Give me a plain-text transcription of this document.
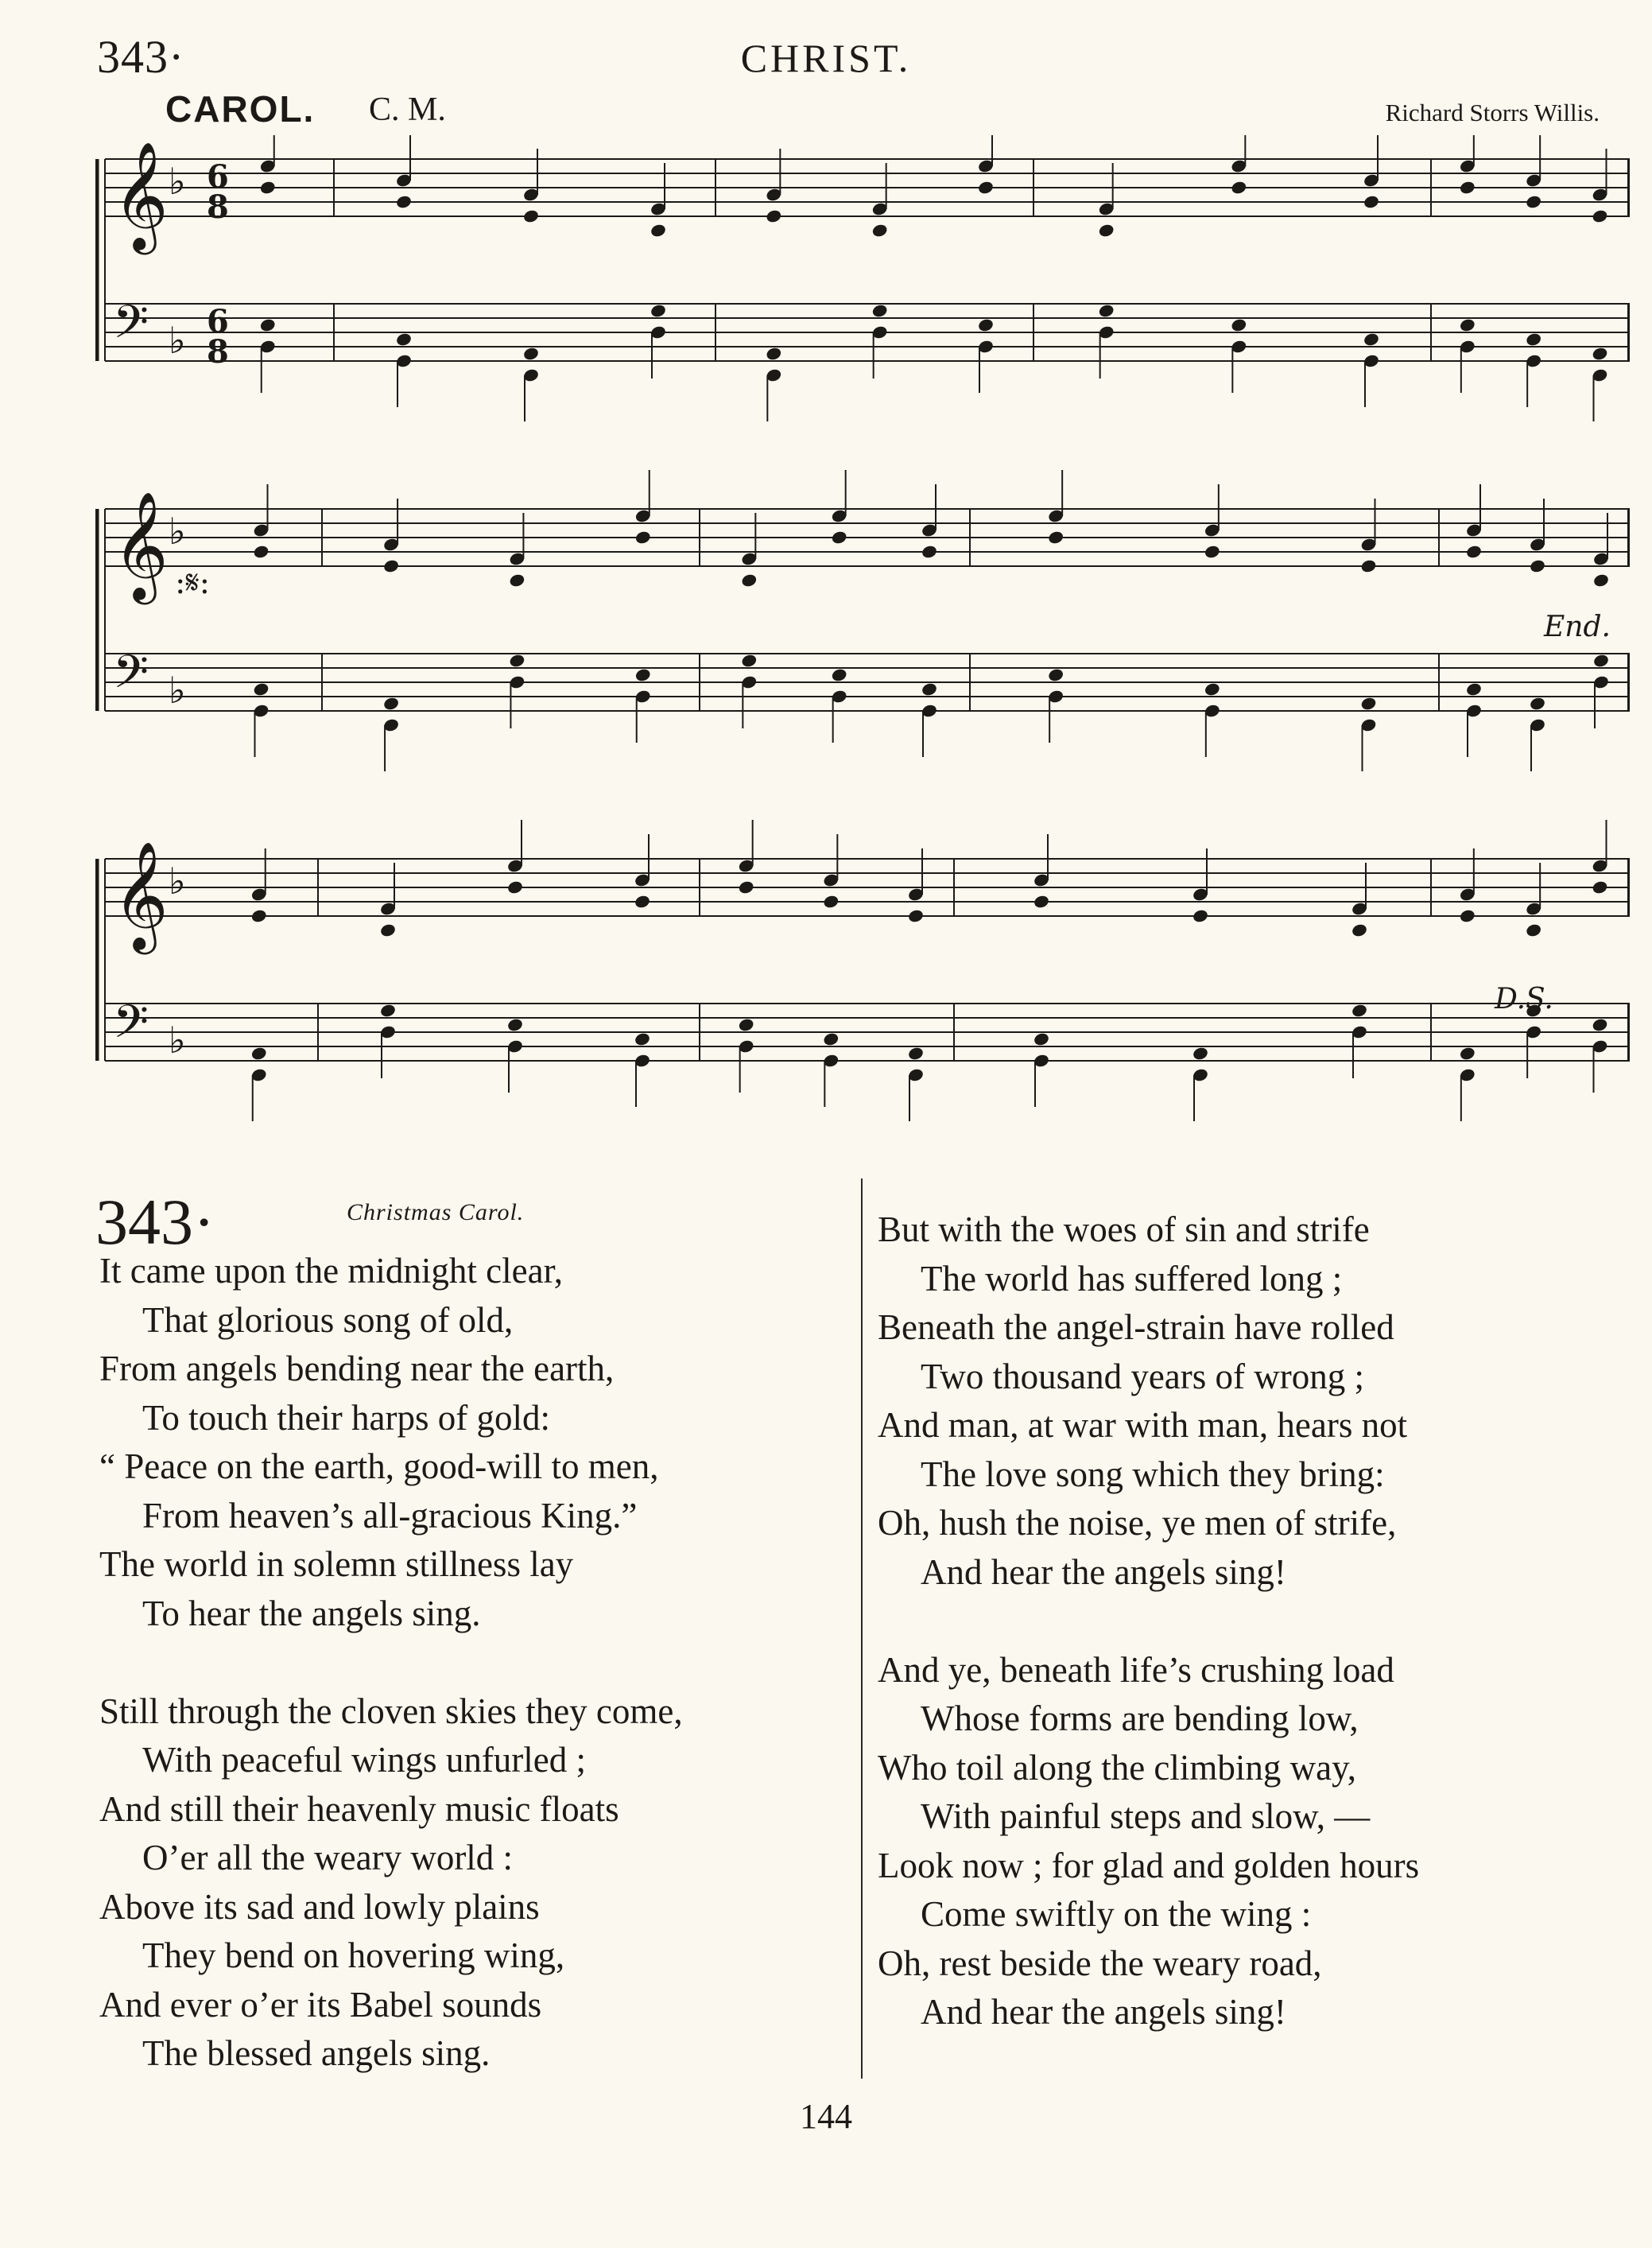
343·	CHRIST.
CAROL. C. M.	Richard Storrs Willis.
𝄞 ♭
𝄢 ♭
𝄞 ♭
𝄢 ♭
𝄞 ♭
𝄢 ♭
6
8
6
8
:𝄋:
End.
D.S.
343·	Christmas Carol.
It came upon the midnight clear,
That glorious song of old,
From angels bending near the earth,
To touch their harps of gold:
“ Peace on the earth, good-will to men,
From heaven’s all-gracious King.”
The world in solemn stillness lay
To hear the angels sing.
Still through the cloven skies they come,
With peaceful wings unfurled ;
And still their heavenly music floats
O’er all the weary world :
Above its sad and lowly plains
They bend on hovering wing,
And ever o’er its Babel sounds
The blessed angels sing.
But with the woes of sin and strife
The world has suffered long ;
Beneath the angel-strain have rolled
Two thousand years of wrong ;
And man, at war with man, hears not
The love song which they bring:
Oh, hush the noise, ye men of strife,
And hear the angels sing!
And ye, beneath life’s crushing load
Whose forms are bending low,
Who toil along the climbing way,
With painful steps and slow, —
Look now ; for glad and golden hours
Come swiftly on the wing :
Oh, rest beside the weary road,
And hear the angels sing!
144
